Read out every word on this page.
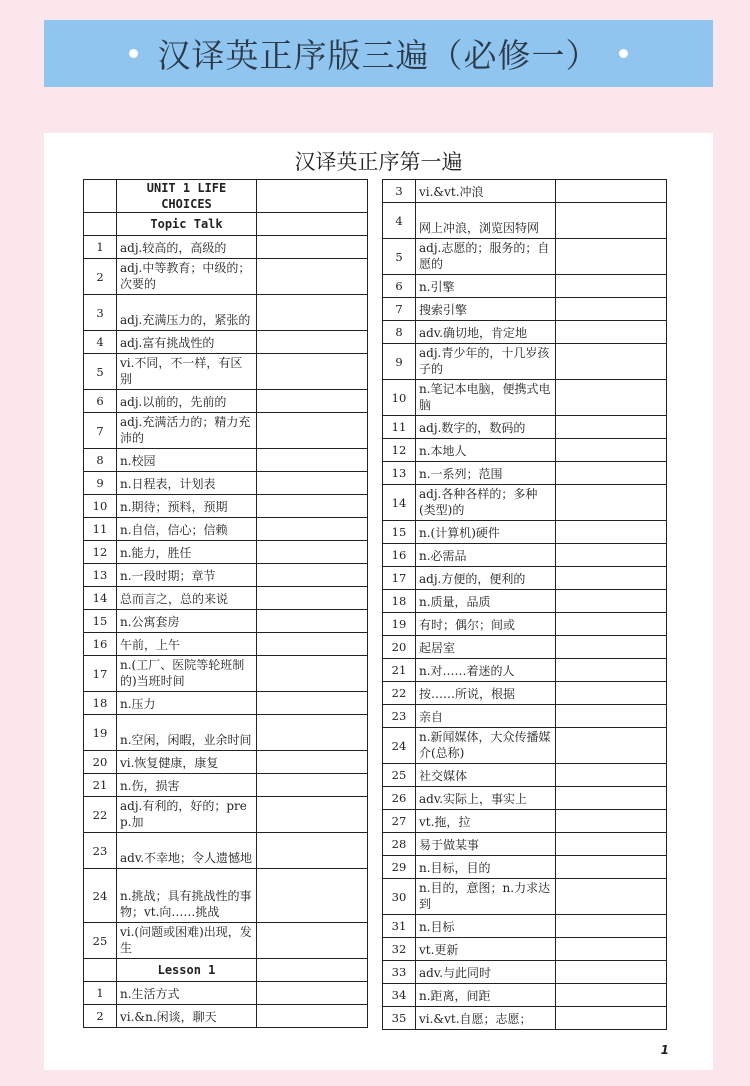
汉译英正序版三遍（必修一）
汉译英正序第一遍
	UNIT 1 LIFE CHOICES	
	Topic Talk	
1	adj.较高的，高级的	

2	adj.中等教育；中级的；次要的	

3	adj.充满压力的，紧张的	

4	adj.富有挑战性的	

5	vi.不同，不一样，有区别	

6	adj.以前的，先前的	

7	adj.充满活力的；精力充沛的	

8	n.校园	

9	n.日程表，计划表	

10	n.期待；预料，预期	

11	n.自信，信心；信赖	

12	n.能力，胜任	

13	n.一段时期；章节	

14	总而言之，总的来说	

15	n.公寓套房	

16	午前，上午	

17	n.(工厂、医院等轮班制的)当班时间	

18	n.压力	

19	n.空闲，闲暇，业余时间	

20	vi.恢复健康，康复	

21	n.伤，损害	

22	adj.有利的，好的；prep.加	

23	adv.不幸地；令人遗憾地	

24	n.挑战；具有挑战性的事物；vt.向……挑战	

25	vi.(问题或困难)出现，发生	

	Lesson 1	
1	n.生活方式	

2	vi.&n.闲谈，聊天	

3	vi.&vt.冲浪	

4	网上冲浪，浏览因特网	

5	adj.志愿的；服务的；自愿的	

6	n.引擎	

7	搜索引擎	

8	adv.确切地，肯定地	

9	adj.青少年的，十几岁孩子的	

10	n.笔记本电脑，便携式电脑	

11	adj.数字的，数码的	

12	n.本地人	

13	n.一系列；范围	

14	adj.各种各样的；多种(类型)的	

15	n.(计算机)硬件	

16	n.必需品	

17	adj.方便的，便利的	

18	n.质量，品质	

19	有时；偶尔；间或	

20	起居室	

21	n.对……着迷的人	

22	按……所说，根据	

23	亲自	

24	n.新闻媒体，大众传播媒介(总称)	

25	社交媒体	

26	adv.实际上，事实上	

27	vt.拖，拉	

28	易于做某事	

29	n.目标，目的	

30	n.目的，意图；n.力求达到	

31	n.目标	

32	vt.更新	

33	adv.与此同时	

34	n.距离，间距	

35	vi.&vt.自愿；志愿；	

1
